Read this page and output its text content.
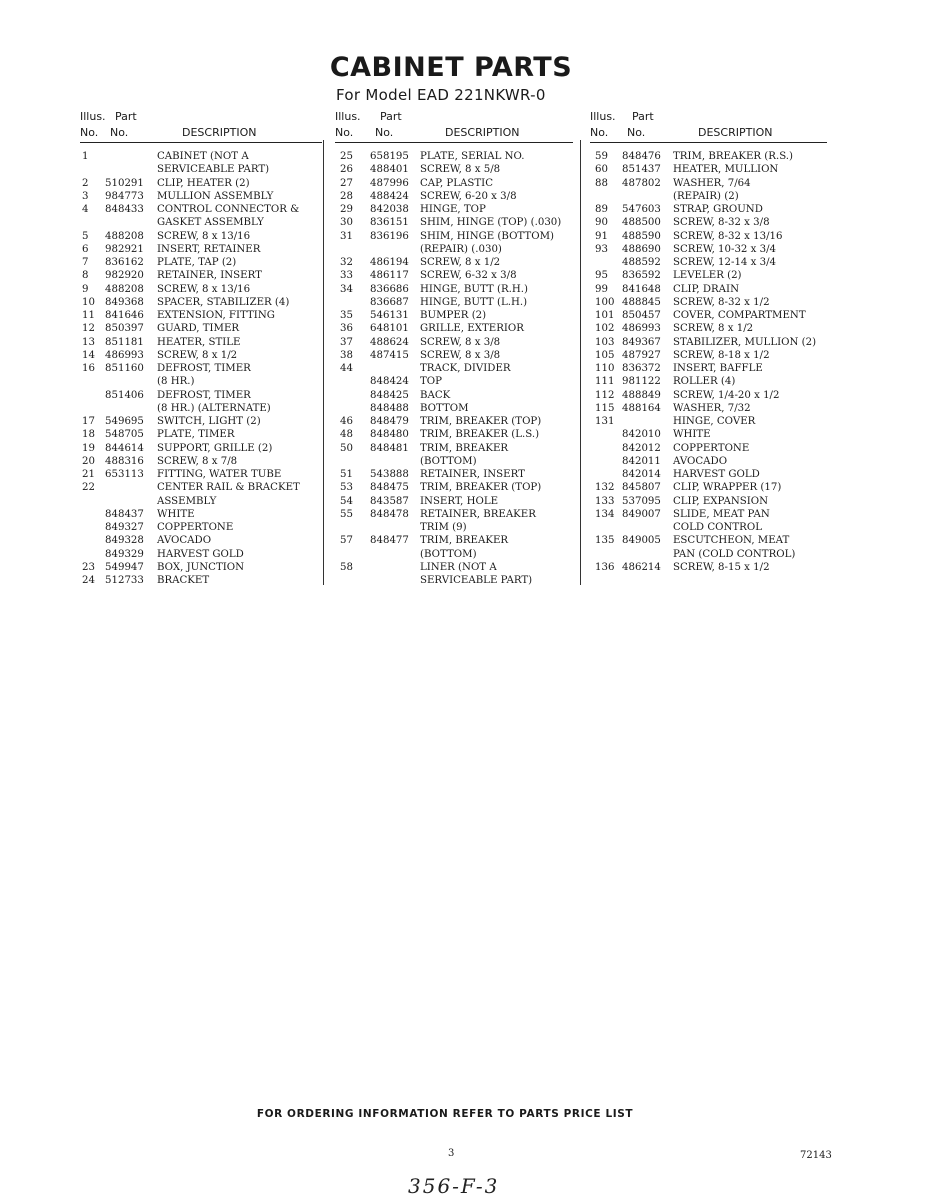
CABINET PARTS
For Model EAD 221NKWR-0
Illus. Part
No. No.	DESCRIPTION
1	CABINET (NOT A
SERVICEABLE PART)
2 510291 CLIP, HEATER (2)
3 984773 MULLION ASSEMBLY
4 848433 CONTROL CONNECTOR &
GASKET ASSEMBLY
5 488208 SCREW, 8 x 13/16
6 982921 INSERT, RETAINER
7 836162 PLATE, TAP (2)
8 982920 RETAINER, INSERT
9 488208 SCREW, 8 x 13/16
10 849368 SPACER, STABILIZER (4)
11 841646 EXTENSION, FITTING
12 850397 GUARD, TIMER
13 851181 HEATER, STILE
14 486993 SCREW, 8 x 1/2
16 851160 DEFROST, TIMER
(8 HR.)
851406 DEFROST, TIMER
(8 HR.) (ALTERNATE)
17 549695 SWITCH, LIGHT (2)
18 548705 PLATE, TIMER
19 844614 SUPPORT, GRILLE (2)
20 488316 SCREW, 8 x 7/8
21 653113 FITTING, WATER TUBE
22	CENTER RAIL & BRACKET
ASSEMBLY
848437 WHITE
849327 COPPERTONE
849328 AVOCADO
849329 HARVEST GOLD
23 549947 BOX, JUNCTION
24 512733 BRACKET
Illus. Part
No. No.	DESCRIPTION
25 658195 PLATE, SERIAL NO.
26 488401 SCREW, 8 x 5/8
27 487996 CAP, PLASTIC
28 488424 SCREW, 6-20 x 3/8
29 842038 HINGE, TOP
30 836151 SHIM, HINGE (TOP) (.030)
31 836196 SHIM, HINGE (BOTTOM)
(REPAIR) (.030)
32 486194 SCREW, 8 x 1/2
33 486117 SCREW, 6-32 x 3/8
34 836686 HINGE, BUTT (R.H.)
836687 HINGE, BUTT (L.H.)
35 546131 BUMPER (2)
36 648101 GRILLE, EXTERIOR
37 488624 SCREW, 8 x 3/8
38 487415 SCREW, 8 x 3/8
44	TRACK, DIVIDER
848424 TOP
848425 BACK
848488 BOTTOM
46 848479 TRIM, BREAKER (TOP)
48 848480 TRIM, BREAKER (L.S.)
50 848481 TRIM, BREAKER
(BOTTOM)
51 543888 RETAINER, INSERT
53 848475 TRIM, BREAKER (TOP)
54 843587 INSERT, HOLE
55 848478 RETAINER, BREAKER
TRIM (9)
57 848477 TRIM, BREAKER
(BOTTOM)
58	LINER (NOT A
SERVICEABLE PART)
Illus. Part
No. No.	DESCRIPTION
59 848476 TRIM, BREAKER (R.S.)
60 851437 HEATER, MULLION
88 487802 WASHER, 7/64
(REPAIR) (2)
89 547603 STRAP, GROUND
90 488500 SCREW, 8-32 x 3/8
91 488590 SCREW, 8-32 x 13/16
93 488690 SCREW, 10-32 x 3/4
488592 SCREW, 12-14 x 3/4
95 836592 LEVELER (2)
99 841648 CLIP, DRAIN
100 488845 SCREW, 8-32 x 1/2
101 850457 COVER, COMPARTMENT
102 486993 SCREW, 8 x 1/2
103 849367 STABILIZER, MULLION (2)
105 487927 SCREW, 8-18 x 1/2
110 836372 INSERT, BAFFLE
111 981122 ROLLER (4)
112 488849 SCREW, 1/4-20 x 1/2
115 488164 WASHER, 7/32
131	HINGE, COVER
842010 WHITE
842012 COPPERTONE
842011 AVOCADO
842014 HARVEST GOLD
132 845807 CLIP, WRAPPER (17)
133 537095 CLIP, EXPANSION
134 849007 SLIDE, MEAT PAN
COLD CONTROL
135 849005 ESCUTCHEON, MEAT
PAN (COLD CONTROL)
136 486214 SCREW, 8-15 x 1/2
FOR ORDERING INFORMATION REFER TO PARTS PRICE LIST
3	72143
356-F-3
